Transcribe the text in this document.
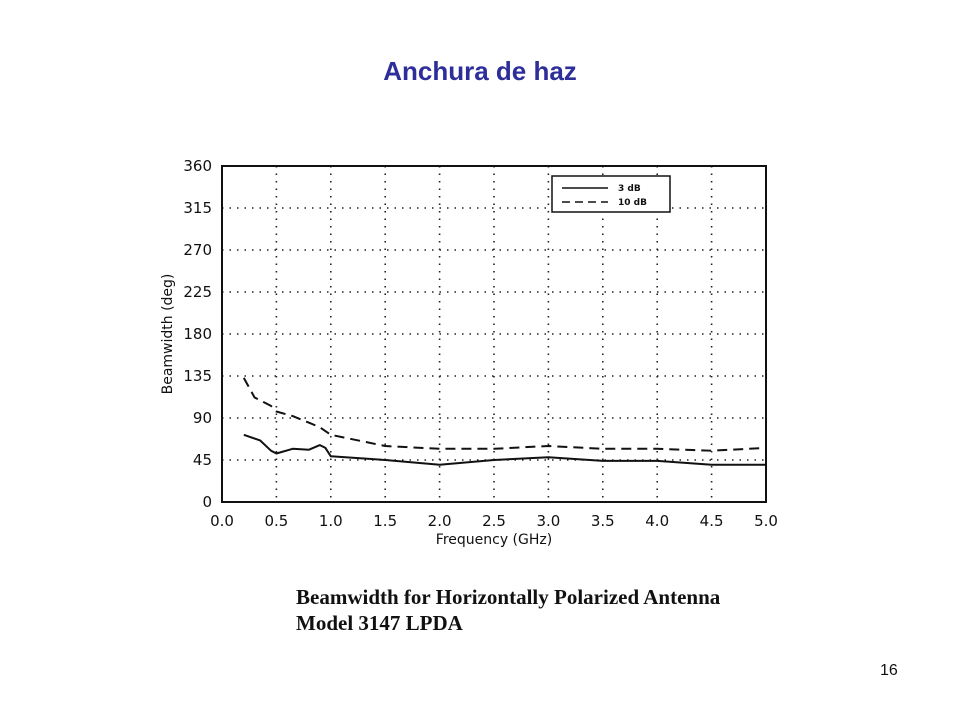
Anchura de haz
0.0 0.5 1.0 1.5 2.0 2.5 3.0 3.5 4.0 4.5 5.0
0
45
90
135
180
225
270
315
360
Frequency (GHz)
Beamwidth (deg)
3 dB
10 dB
Beamwidth for Horizontally Polarized Antenna
Model 3147 LPDA
16
